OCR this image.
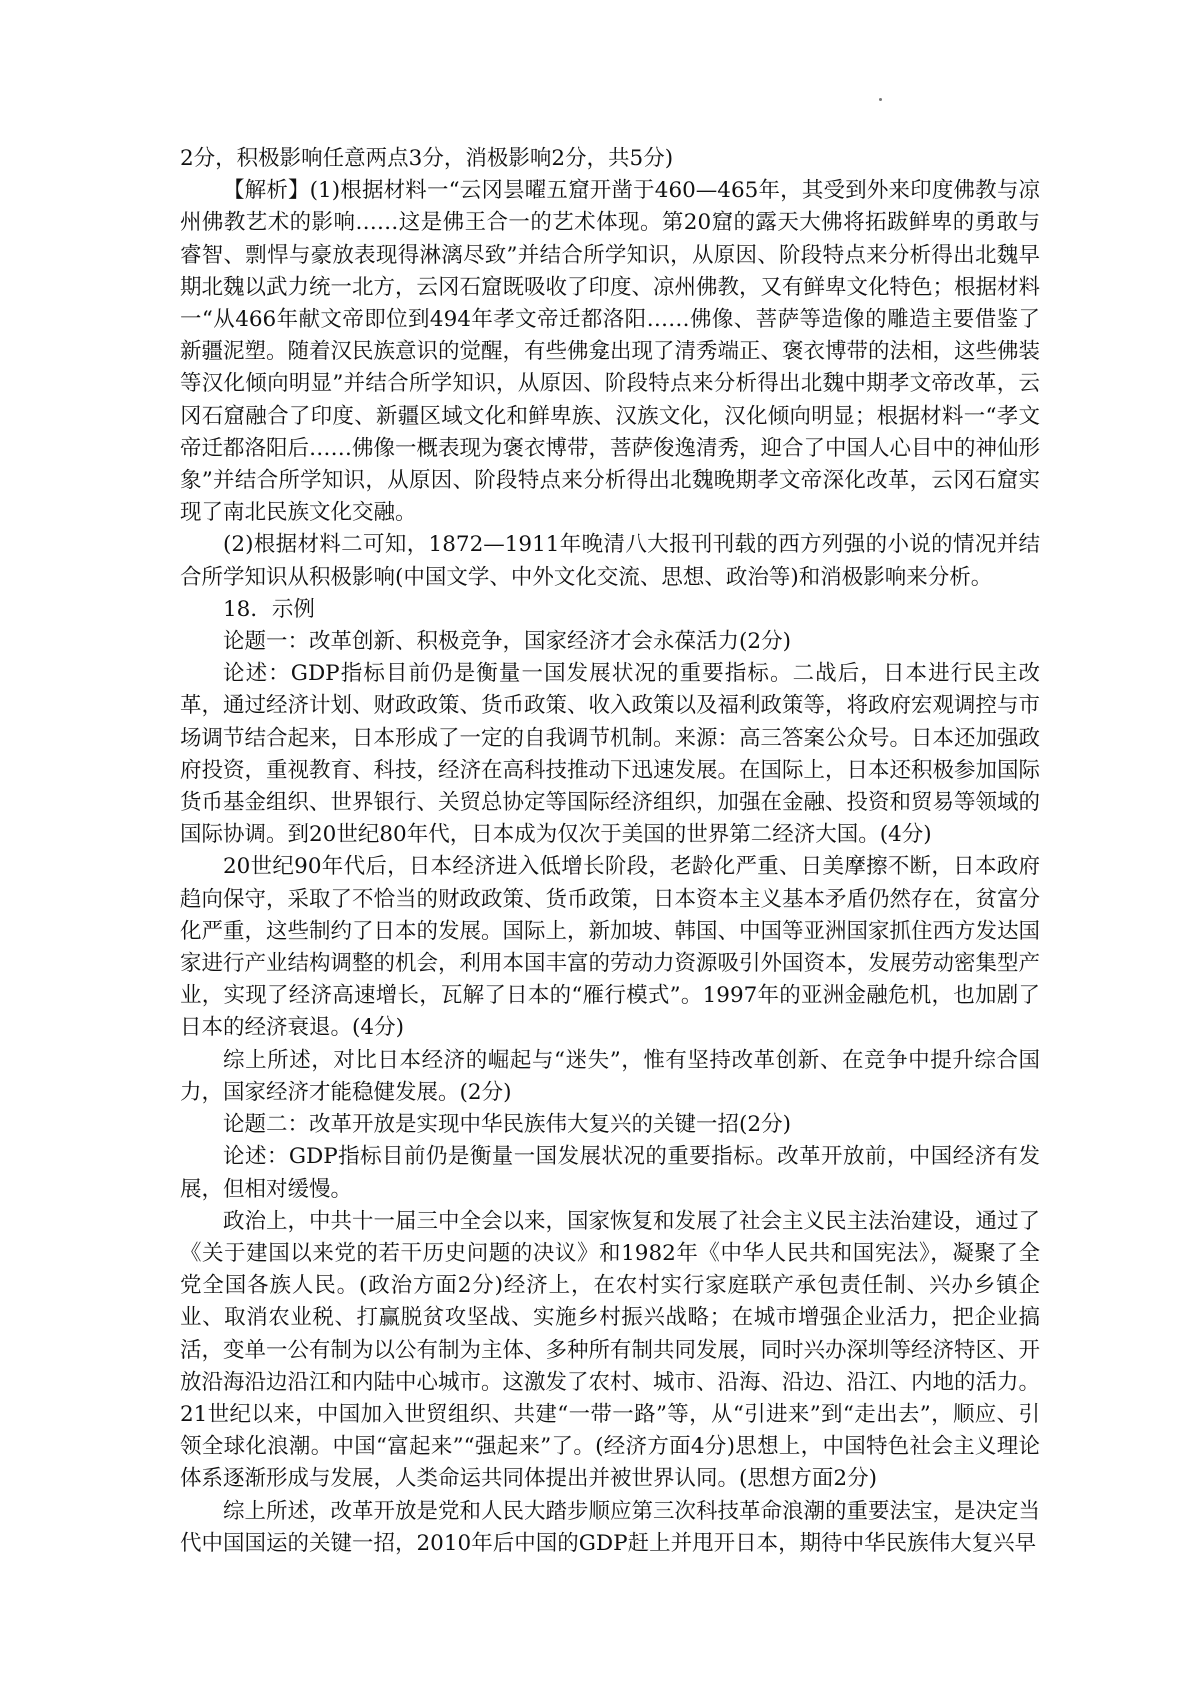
2分，积极影响任意两点3分，消极影响2分，共5分)

【解析】(1)根据材料一“云冈昙曜五窟开凿于460—465年，其受到外来印度佛教与凉州佛教艺术的影响……这是佛王合一的艺术体现。第20窟的露天大佛将拓跋鲜卑的勇敢与睿智、剽悍与豪放表现得淋漓尽致”并结合所学知识，从原因、阶段特点来分析得出北魏早期北魏以武力统一北方，云冈石窟既吸收了印度、凉州佛教，又有鲜卑文化特色；根据材料一“从466年献文帝即位到494年孝文帝迁都洛阳……佛像、菩萨等造像的雕造主要借鉴了新疆泥塑。随着汉民族意识的觉醒，有些佛龛出现了清秀端正、褒衣博带的法相，这些佛装等汉化倾向明显”并结合所学知识，从原因、阶段特点来分析得出北魏中期孝文帝改革，云冈石窟融合了印度、新疆区域文化和鲜卑族、汉族文化，汉化倾向明显；根据材料一“孝文帝迁都洛阳后……佛像一概表现为褒衣博带，菩萨俊逸清秀，迎合了中国人心目中的神仙形象”并结合所学知识，从原因、阶段特点来分析得出北魏晚期孝文帝深化改革，云冈石窟实现了南北民族文化交融。

(2)根据材料二可知，1872—1911年晚清八大报刊刊载的西方列强的小说的情况并结合所学知识从积极影响(中国文学、中外文化交流、思想、政治等)和消极影响来分析。

18．示例

论题一：改革创新、积极竞争，国家经济才会永葆活力(2分)

论述：GDP指标目前仍是衡量一国发展状况的重要指标。二战后，日本进行民主改革，通过经济计划、财政政策、货币政策、收入政策以及福利政策等，将政府宏观调控与市场调节结合起来，日本形成了一定的自我调节机制。来源：高三答案公众号。日本还加强政府投资，重视教育、科技，经济在高科技推动下迅速发展。在国际上，日本还积极参加国际货币基金组织、世界银行、关贸总协定等国际经济组织，加强在金融、投资和贸易等领域的国际协调。到20世纪80年代，日本成为仅次于美国的世界第二经济大国。(4分)

20世纪90年代后，日本经济进入低增长阶段，老龄化严重、日美摩擦不断，日本政府趋向保守，采取了不恰当的财政政策、货币政策，日本资本主义基本矛盾仍然存在，贫富分化严重，这些制约了日本的发展。国际上，新加坡、韩国、中国等亚洲国家抓住西方发达国家进行产业结构调整的机会，利用本国丰富的劳动力资源吸引外国资本，发展劳动密集型产业，实现了经济高速增长，瓦解了日本的“雁行模式”。1997年的亚洲金融危机，也加剧了日本的经济衰退。(4分)

综上所述，对比日本经济的崛起与“迷失”，惟有坚持改革创新、在竞争中提升综合国力，国家经济才能稳健发展。(2分)

论题二：改革开放是实现中华民族伟大复兴的关键一招(2分)

论述：GDP指标目前仍是衡量一国发展状况的重要指标。改革开放前，中国经济有发展，但相对缓慢。

政治上，中共十一届三中全会以来，国家恢复和发展了社会主义民主法治建设，通过了《关于建国以来党的若干历史问题的决议》和1982年《中华人民共和国宪法》，凝聚了全党全国各族人民。(政治方面2分)经济上，在农村实行家庭联产承包责任制、兴办乡镇企业、取消农业税、打赢脱贫攻坚战、实施乡村振兴战略；在城市增强企业活力，把企业搞活，变单一公有制为以公有制为主体、多种所有制共同发展，同时兴办深圳等经济特区、开放沿海沿边沿江和内陆中心城市。这激发了农村、城市、沿海、沿边、沿江、内地的活力。21世纪以来，中国加入世贸组织、共建“一带一路”等，从“引进来”到“走出去”，顺应、引领全球化浪潮。中国“富起来”“强起来”了。(经济方面4分)思想上，中国特色社会主义理论体系逐渐形成与发展，人类命运共同体提出并被世界认同。(思想方面2分)

综上所述，改革开放是党和人民大踏步顺应第三次科技革命浪潮的重要法宝，是决定当代中国国运的关键一招，2010年后中国的GDP赶上并甩开日本，期待中华民族伟大复兴早
